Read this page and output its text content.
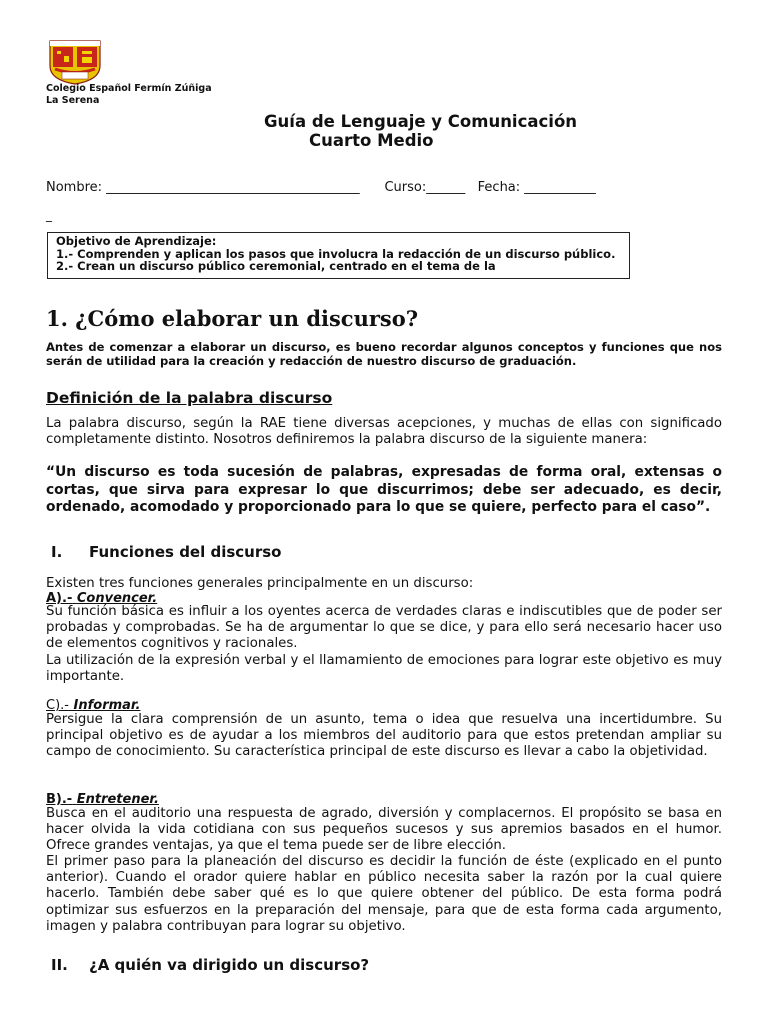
Colegio Español Fermín Zúñiga
La Serena
Guía de Lenguaje y Comunicación
Cuarto Medio
Nombre: _______________________________________ Curso:______ Fecha: ___________
_
Objetivo de Aprendizaje:
1.- Comprenden y aplican los pasos que involucra la redacción de un discurso público.
2.- Crean un discurso público ceremonial, centrado en el tema de la
1. ¿Cómo elaborar un discurso?
Antes de comenzar a elaborar un discurso, es bueno recordar algunos conceptos y funciones que nos serán de utilidad para la creación y redacción de nuestro discurso de graduación.
Definición de la palabra discurso
La palabra discurso, según la RAE tiene diversas acepciones, y muchas de ellas con significado completamente distinto. Nosotros definiremos la palabra discurso de la siguiente manera:
“Un discurso es toda sucesión de palabras, expresadas de forma oral, extensas o cortas, que sirva para expresar lo que discurrimos; debe ser adecuado, es decir, ordenado, acomodado y proporcionado para lo que se quiere, perfecto para el caso”.
I. Funciones del discurso
Existen tres funciones generales principalmente en un discurso:
A).- Convencer.
Su función básica es influir a los oyentes acerca de verdades claras e indiscutibles que de poder ser probadas y comprobadas. Se ha de argumentar lo que se dice, y para ello será necesario hacer uso de elementos cognitivos y racionales.
La utilización de la expresión verbal y el llamamiento de emociones para lograr este objetivo es muy importante.
C).- Informar.
Persigue la clara comprensión de un asunto, tema o idea que resuelva una incertidumbre. Su principal objetivo es de ayudar a los miembros del auditorio para que estos pretendan ampliar su campo de conocimiento. Su característica principal de este discurso es llevar a cabo la objetividad.
B).- Entretener.
Busca en el auditorio una respuesta de agrado, diversión y complacernos. El propósito se basa en hacer olvida la vida cotidiana con sus pequeños sucesos y sus apremios basados en el humor. Ofrece grandes ventajas, ya que el tema puede ser de libre elección.
El primer paso para la planeación del discurso es decidir la función de éste (explicado en el punto anterior). Cuando el orador quiere hablar en público necesita saber la razón por la cual quiere hacerlo. También debe saber qué es lo que quiere obtener del público. De esta forma podrá optimizar sus esfuerzos en la preparación del mensaje, para que de esta forma cada argumento, imagen y palabra contribuyan para lograr su objetivo.
II. ¿A quién va dirigido un discurso?
